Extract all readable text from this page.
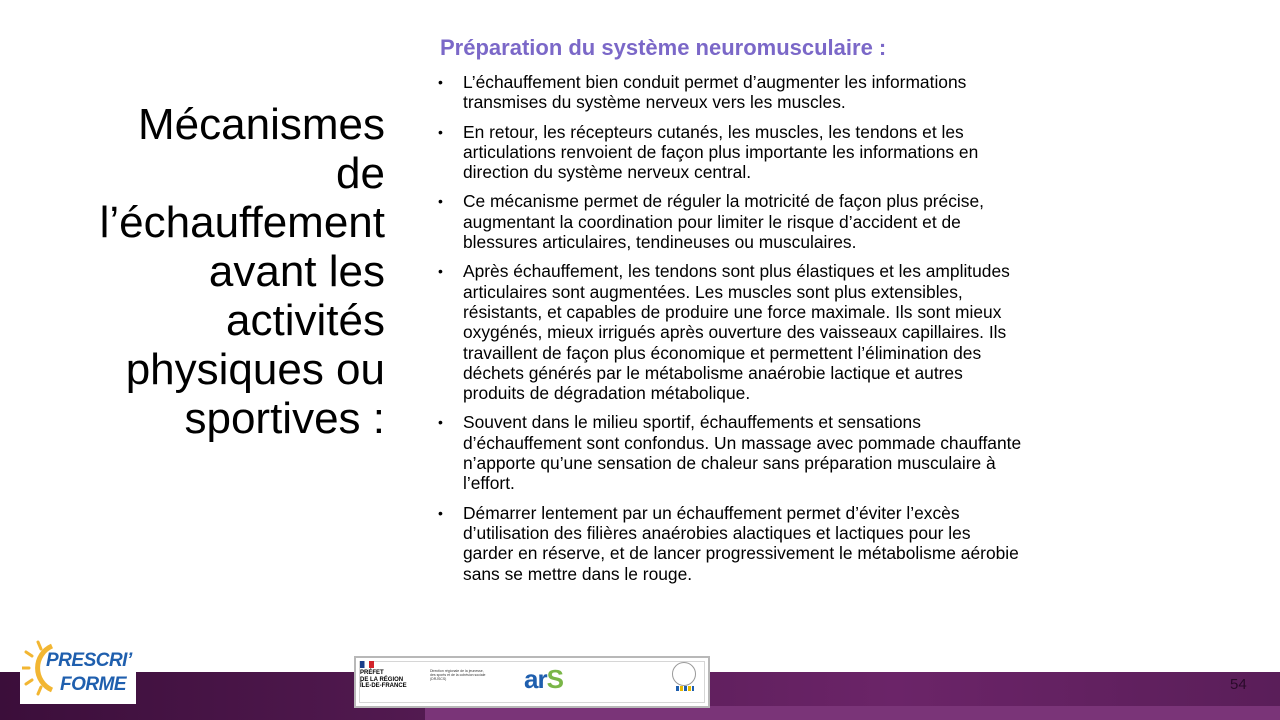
Mécanismes
de
l’échauffement
avant les
activités
physiques ou
sportives :
Préparation du système neuromusculaire :
• L’échauffement bien conduit permet d’augmenter les informations
transmises du système nerveux vers les muscles.
• En retour, les récepteurs cutanés, les muscles, les tendons et les
articulations renvoient de façon plus importante les informations en
direction du système nerveux central.
• Ce mécanisme permet de réguler la motricité de façon plus précise,
augmentant la coordination pour limiter le risque d’accident et de
blessures articulaires, tendineuses ou musculaires.
• Après échauffement, les tendons sont plus élastiques et les amplitudes
articulaires sont augmentées. Les muscles sont plus extensibles,
résistants, et capables de produire une force maximale. Ils sont mieux
oxygénés, mieux irrigués après ouverture des vaisseaux capillaires. Ils
travaillent de façon plus économique et permettent l’élimination des
déchets générés par le métabolisme anaérobie lactique et autres
produits de dégradation métabolique.
• Souvent dans le milieu sportif, échauffements et sensations
d’échauffement sont confondus. Un massage avec pommade chauffante
n’apporte qu’une sensation de chaleur sans préparation musculaire à
l’effort.
• Démarrer lentement par un échauffement permet d’éviter l’excès
d’utilisation des filières anaérobies alactiques et lactiques pour les
garder en réserve, et de lancer progressivement le métabolisme aérobie
sans se mettre dans le rouge.
PRESCRI’
FORME
PRÉFET
DE LA RÉGION
ÎLE-DE-FRANCE
Direction régionale de la jeunesse, des sports et de la cohésion sociale (DRJSCS)	arS	54
